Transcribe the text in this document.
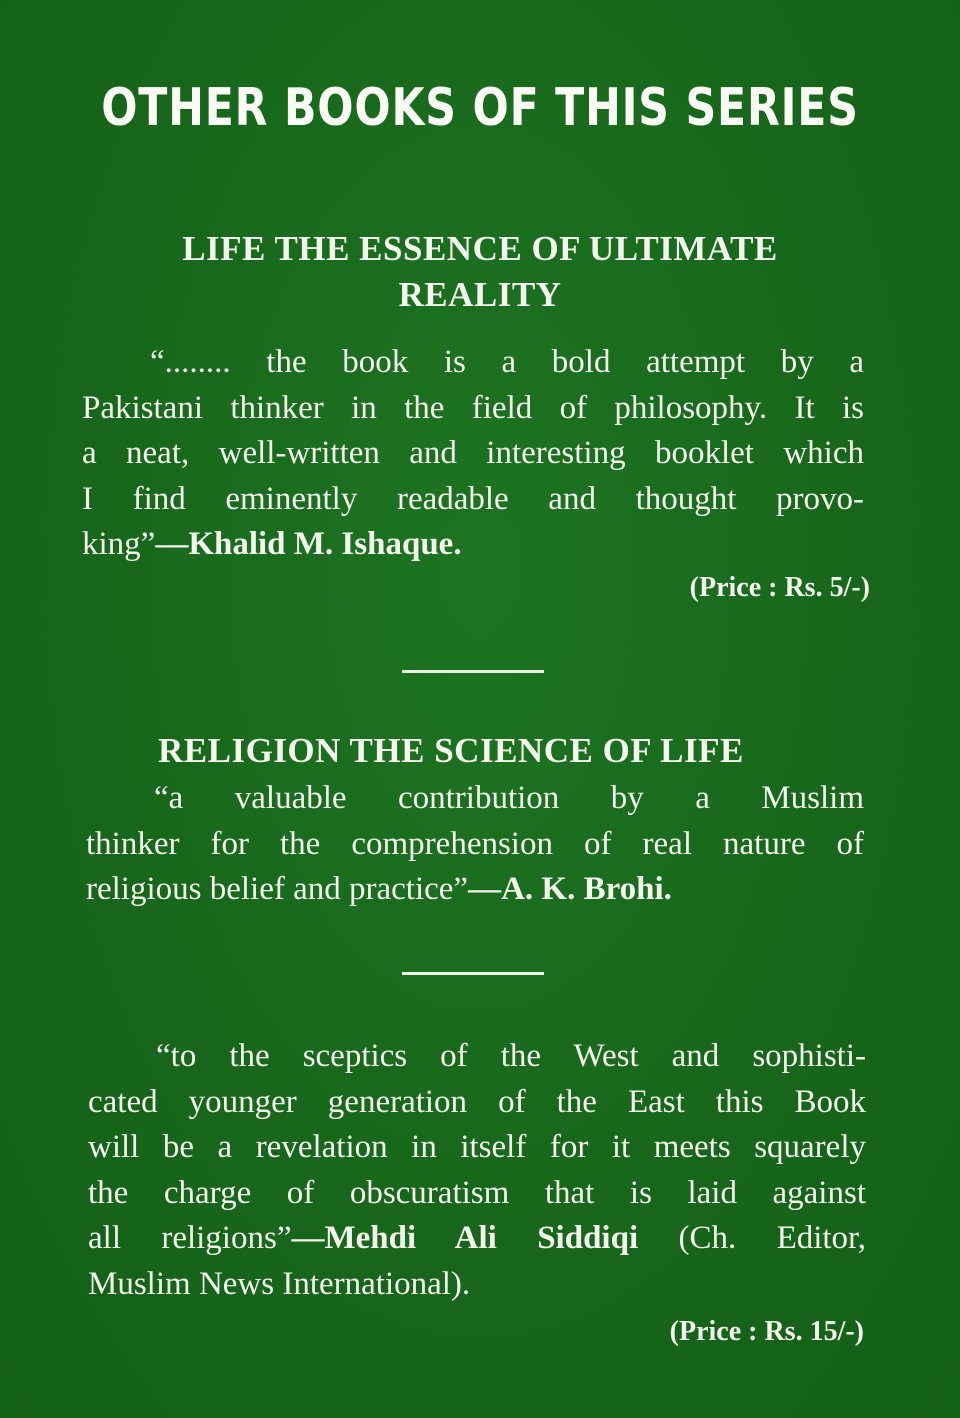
OTHER BOOKS OF THIS SERIES
LIFE THE ESSENCE OF ULTIMATE
REALITY
“........ the book is a bold attempt by a
Pakistani thinker in the field of philosophy. It is
a neat, well-written and interesting booklet which
I find eminently readable and thought provo-
king”—Khalid M. Ishaque.
(Price : Rs. 5/-)
RELIGION THE SCIENCE OF LIFE
“a valuable contribution by a Muslim
thinker for the comprehension of real nature of
religious belief and practice”—A. K. Brohi.
“to the sceptics of the West and sophisti-
cated younger generation of the East this Book
will be a revelation in itself for it meets squarely
the charge of obscuratism that is laid against
all religions”—Mehdi Ali Siddiqi (Ch. Editor,
Muslim News International).
(Price : Rs. 15/-)
